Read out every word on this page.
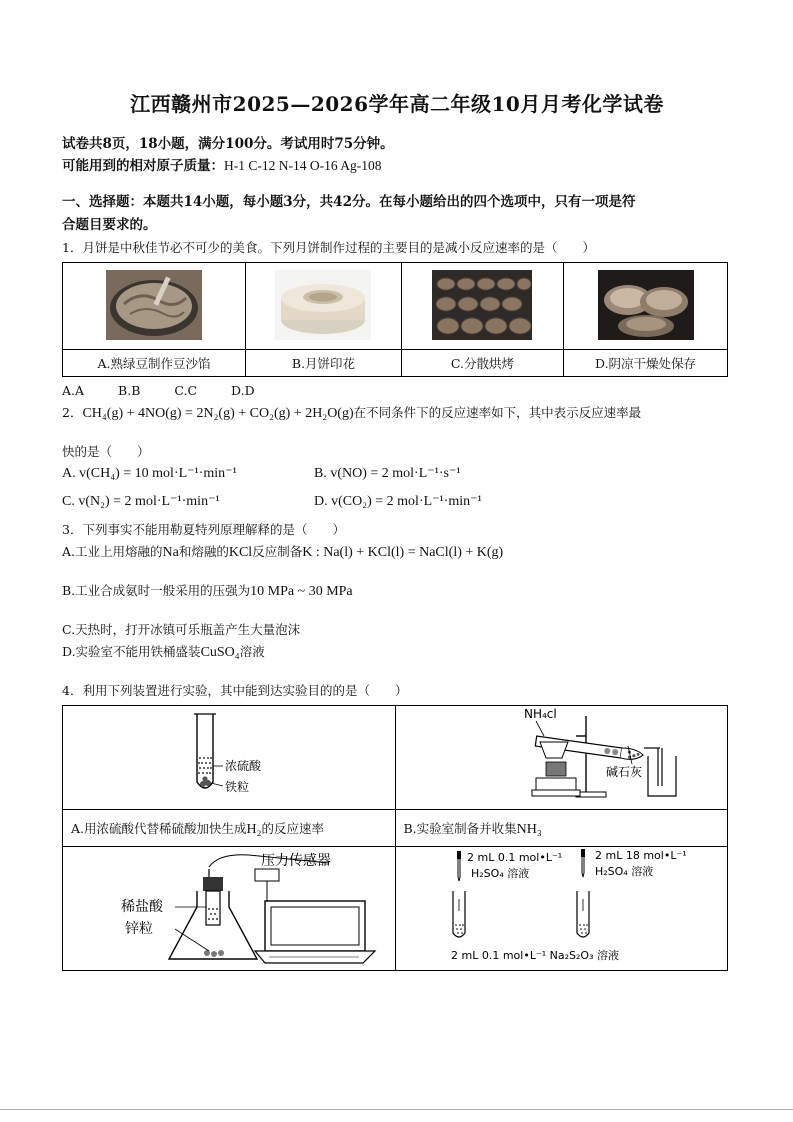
江西赣州市2025—2026学年高二年级10月月考化学试卷
试卷共8页，18小题，满分100分。考试用时75分钟。
可能用到的相对原子质量：H-1 C-12 N-14 O-16 Ag-108
一、选择题：本题共14小题，每小题3分，共42分。在每小题给出的四个选项中，只有一项是符
合题目要求的。
1．月饼是中秋佳节必不可少的美食。下列月饼制作过程的主要目的是减小反应速率的是（　　）

A.熟绿豆制作豆沙馅	B.月饼印花	C.分散烘烤	D.阴凉干燥处保存
A.A	B.B	C.C	D.D
2．CH₄(g) + 4NO(g) = 2N₂(g) + CO₂(g) + 2H₂O(g)在不同条件下的反应速率如下，其中表示反应速率最
快的是（　　）
A. v(CH₄) = 10 mol·L⁻¹·min⁻¹	B. v(NO) = 2 mol·L⁻¹·s⁻¹
C. v(N₂) = 2 mol·L⁻¹·min⁻¹	D. v(CO₂) = 2 mol·L⁻¹·min⁻¹
3．下列事实不能用勒夏特列原理解释的是（　　）
A.工业上用熔融的Na和熔融的KCl反应制备K : Na(l) + KCl(l) = NaCl(l) + K(g)
B.工业合成氨时一般采用的压强为10 MPa ~ 30 MPa
C.天热时，打开冰镇可乐瓶盖产生大量泡沫
D.实验室不能用铁桶盛装CuSO₄溶液
4．利用下列装置进行实验，其中能到达实验目的的是（　　）
浓硫酸
铁粒	NH₄cl
碱石灰

A.用浓硫酸代替稀硫酸加快生成H₂的反应速率	B.实验室制备并收集NH₃

压力传感器
稀盐酸
锌粒	2 mL 0.1 mol•L⁻¹
H₂SO₄ 溶液
2 mL 18 mol•L⁻¹
H₂SO₄ 溶液
2 mL 0.1 mol•L⁻¹ Na₂S₂O₃ 溶液
